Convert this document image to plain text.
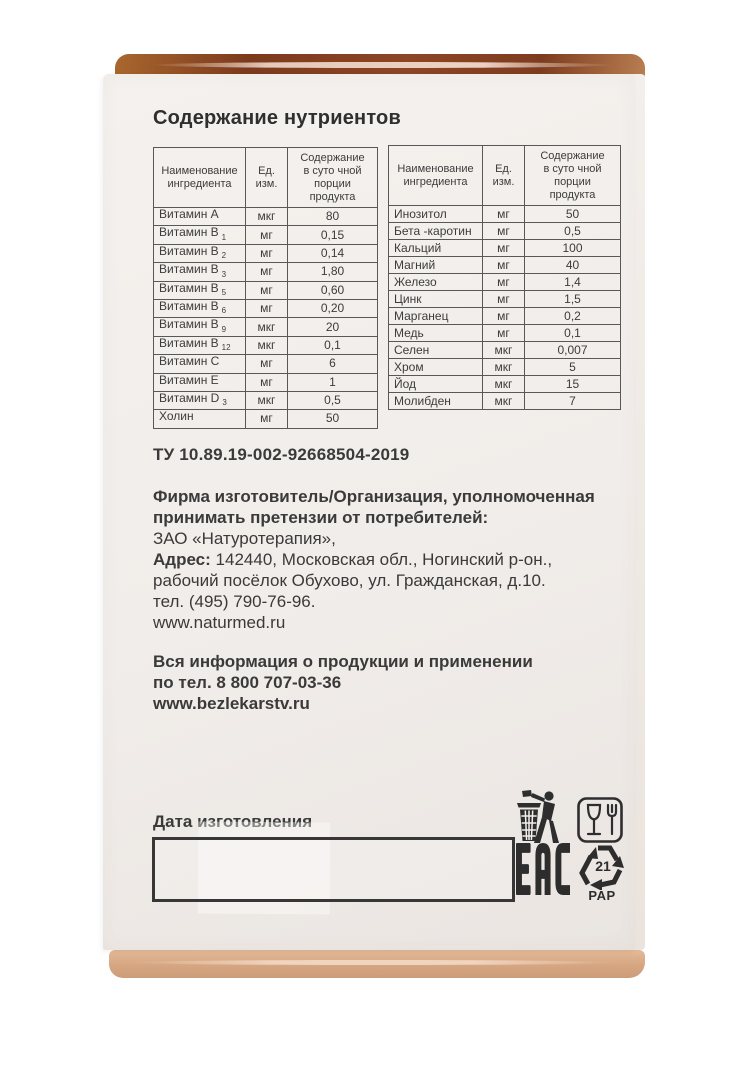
Содержание нутриентов
Наименование
ингредиента

Ед.
изм.

Содержание
в суто чной
порции
продукта

Витамин А	мкг	80
Витамин В $_1$	мг	0,15
Витамин В $_2$	мг	0,14
Витамин В $_3$	мг	1,80
Витамин В $_5$	мг	0,60
Витамин В $_6$	мг	0,20
Витамин В $_9$	мкг	20
Витамин В $_{12}$	мкг	0,1
Витамин С	мг	6
Витамин Е	мг	1
Витамин D $_3$	мкг	0,5
Холин	мг	50
Наименование
ингредиента

Ед.
изм.

Содержание
в суто чной
порции
продукта

Инозитол	мг	50
Бета -каротин	мг	0,5
Кальций	мг	100
Магний	мг	40
Железо	мг	1,4
Цинк	мг	1,5
Марганец	мг	0,2
Медь	мг	0,1
Селен	мкг	0,007
Хром	мкг	5
Йод	мкг	15
Молибден	мкг	7
ТУ 10.89.19-002-92668504-2019
Фирма изготовитель/Организация, уполномоченная
принимать претензии от потребителей:
ЗАО «Натуротерапия»,
Адрес: 142440, Московская обл., Ногинский р-он.,
рабочий посёлок Обухово, ул. Гражданская, д.10.
тел. (495) 790-76-96.
www.naturmed.ru
Вся информация о продукции и применении
по тел. 8 800 707-03-36
www.bezlekarstv.ru
Дата изготовления
21
PAP
